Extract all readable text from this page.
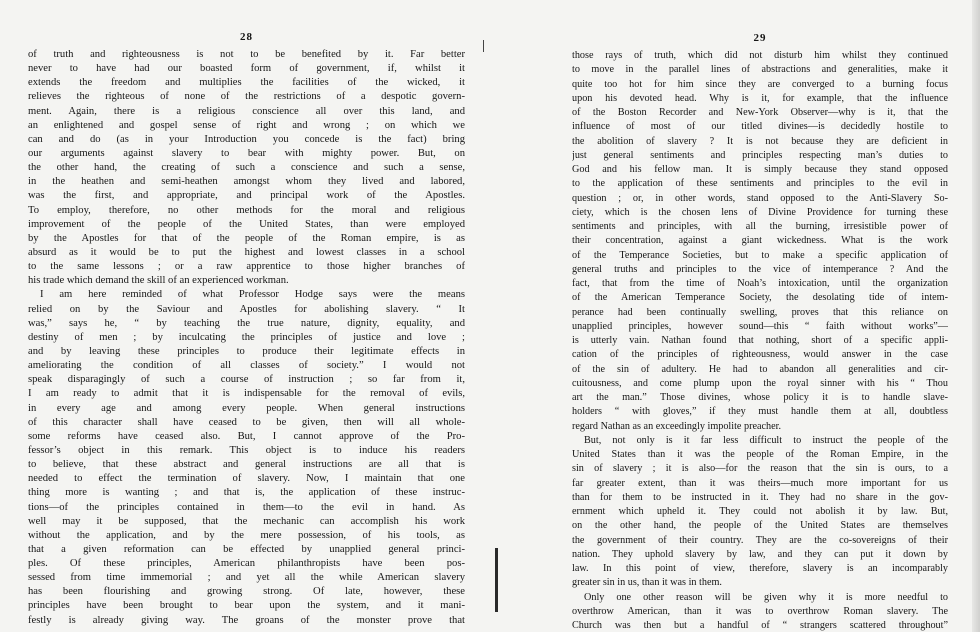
28
of truth and righteousness is not to be benefited by it. Far better
never to have had our boasted form of government, if, whilst it
extends the freedom and multiplies the facilities of the wicked, it
relieves the righteous of none of the restrictions of a despotic govern-
ment. Again, there is a religious conscience all over this land, and
an enlightened and gospel sense of right and wrong ; on which we
can and do (as in your Introduction you concede is the fact) bring
our arguments against slavery to bear with mighty power. But, on
the other hand, the creating of such a conscience and such a sense,
in the heathen and semi-heathen amongst whom they lived and labored,
was the first, and appropriate, and principal work of the Apostles.
To employ, therefore, no other methods for the moral and religious
improvement of the people of the United States, than were employed
by the Apostles for that of the people of the Roman empire, is as
absurd as it would be to put the highest and lowest classes in a school
to the same lessons ; or a raw apprentice to those higher branches of
his trade which demand the skill of an experienced workman.
I am here reminded of what Professor Hodge says were the means
relied on by the Saviour and Apostles for abolishing slavery. “ It
was,” says he, “ by teaching the true nature, dignity, equality, and
destiny of men ; by inculcating the principles of justice and love ;
and by leaving these principles to produce their legitimate effects in
ameliorating the condition of all classes of society.” I would not
speak disparagingly of such a course of instruction ; so far from it,
I am ready to admit that it is indispensable for the removal of evils,
in every age and among every people. When general instructions
of this character shall have ceased to be given, then will all whole-
some reforms have ceased also. But, I cannot approve of the Pro-
fessor’s object in this remark. This object is to induce his readers
to believe, that these abstract and general instructions are all that is
needed to effect the termination of slavery. Now, I maintain that one
thing more is wanting ; and that is, the application of these instruc-
tions—of the principles contained in them—to the evil in hand. As
well may it be supposed, that the mechanic can accomplish his work
without the application, and by the mere possession, of his tools, as
that a given reformation can be effected by unapplied general princi-
ples. Of these principles, American philanthropists have been pos-
sessed from time immemorial ; and yet all the while American slavery
has been flourishing and growing strong. Of late, however, these
principles have been brought to bear upon the system, and it mani-
festly is already giving way. The groans of the monster prove that
29
those rays of truth, which did not disturb him whilst they continued
to move in the parallel lines of abstractions and generalities, make it
quite too hot for him since they are converged to a burning focus
upon his devoted head. Why is it, for example, that the influence
of the Boston Recorder and New-York Observer—why is it, that the
influence of most of our titled divines—is decidedly hostile to
the abolition of slavery ? It is not because they are deficient in
just general sentiments and principles respecting man’s duties to
God and his fellow man. It is simply because they stand opposed
to the application of these sentiments and principles to the evil in
question ; or, in other words, stand opposed to the Anti-Slavery So-
ciety, which is the chosen lens of Divine Providence for turning these
sentiments and principles, with all the burning, irresistible power of
their concentration, against a giant wickedness. What is the work
of the Temperance Societies, but to make a specific application of
general truths and principles to the vice of intemperance ? And the
fact, that from the time of Noah’s intoxication, until the organization
of the American Temperance Society, the desolating tide of intem-
perance had been continually swelling, proves that this reliance on
unapplied principles, however sound—this “ faith without works”—
is utterly vain. Nathan found that nothing, short of a specific appli-
cation of the principles of righteousness, would answer in the case
of the sin of adultery. He had to abandon all generalities and cir-
cuitousness, and come plump upon the royal sinner with his “ Thou
art the man.” Those divines, whose policy it is to handle slave-
holders “ with gloves,” if they must handle them at all, doubtless
regard Nathan as an exceedingly impolite preacher.
But, not only is it far less difficult to instruct the people of the
United States than it was the people of the Roman Empire, in the
sin of slavery ; it is also—for the reason that the sin is ours, to a
far greater extent, than it was theirs—much more important for us
than for them to be instructed in it. They had no share in the gov-
ernment which upheld it. They could not abolish it by law. But,
on the other hand, the people of the United States are themselves
the government of their country. They are the co-sovereigns of their
nation. They uphold slavery by law, and they can put it down by
law. In this point of view, therefore, slavery is an incomparably
greater sin in us, than it was in them.
Only one other reason will be given why it is more needful to
overthrow American, than it was to overthrow Roman slavery. The
Church was then but a handful of “ strangers scattered throughout”
